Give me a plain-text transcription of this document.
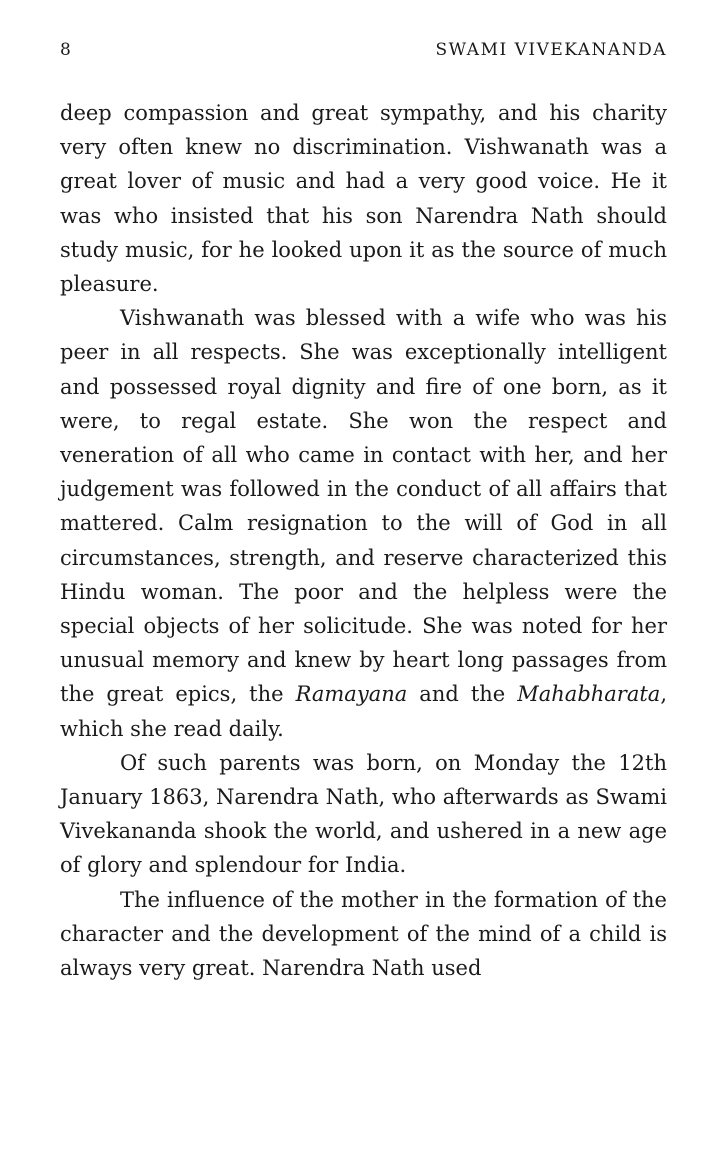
8	SWAMI VIVEKANANDA

deep compassion and great sympathy, and his charity very often knew no discrimination. Vishwanath was a great lover of music and had a very good voice. He it was who insisted that his son Narendra Nath should study music, for he looked upon it as the source of much pleasure.

Vishwanath was blessed with a wife who was his peer in all respects. She was exceptionally intelligent and possessed royal dignity and fire of one born, as it were, to regal estate. She won the respect and veneration of all who came in contact with her, and her judgement was followed in the conduct of all affairs that mattered. Calm resignation to the will of God in all circumstances, strength, and reserve characterized this Hindu woman. The poor and the helpless were the special objects of her solicitude. She was noted for her unusual memory and knew by heart long passages from the great epics, the Ramayana and the Mahabharata, which she read daily.

Of such parents was born, on Monday the 12th January 1863, Narendra Nath, who afterwards as Swami Vivekananda shook the world, and ushered in a new age of glory and splendour for India.

The influence of the mother in the formation of the character and the development of the mind of a child is always very great. Narendra Nath used
